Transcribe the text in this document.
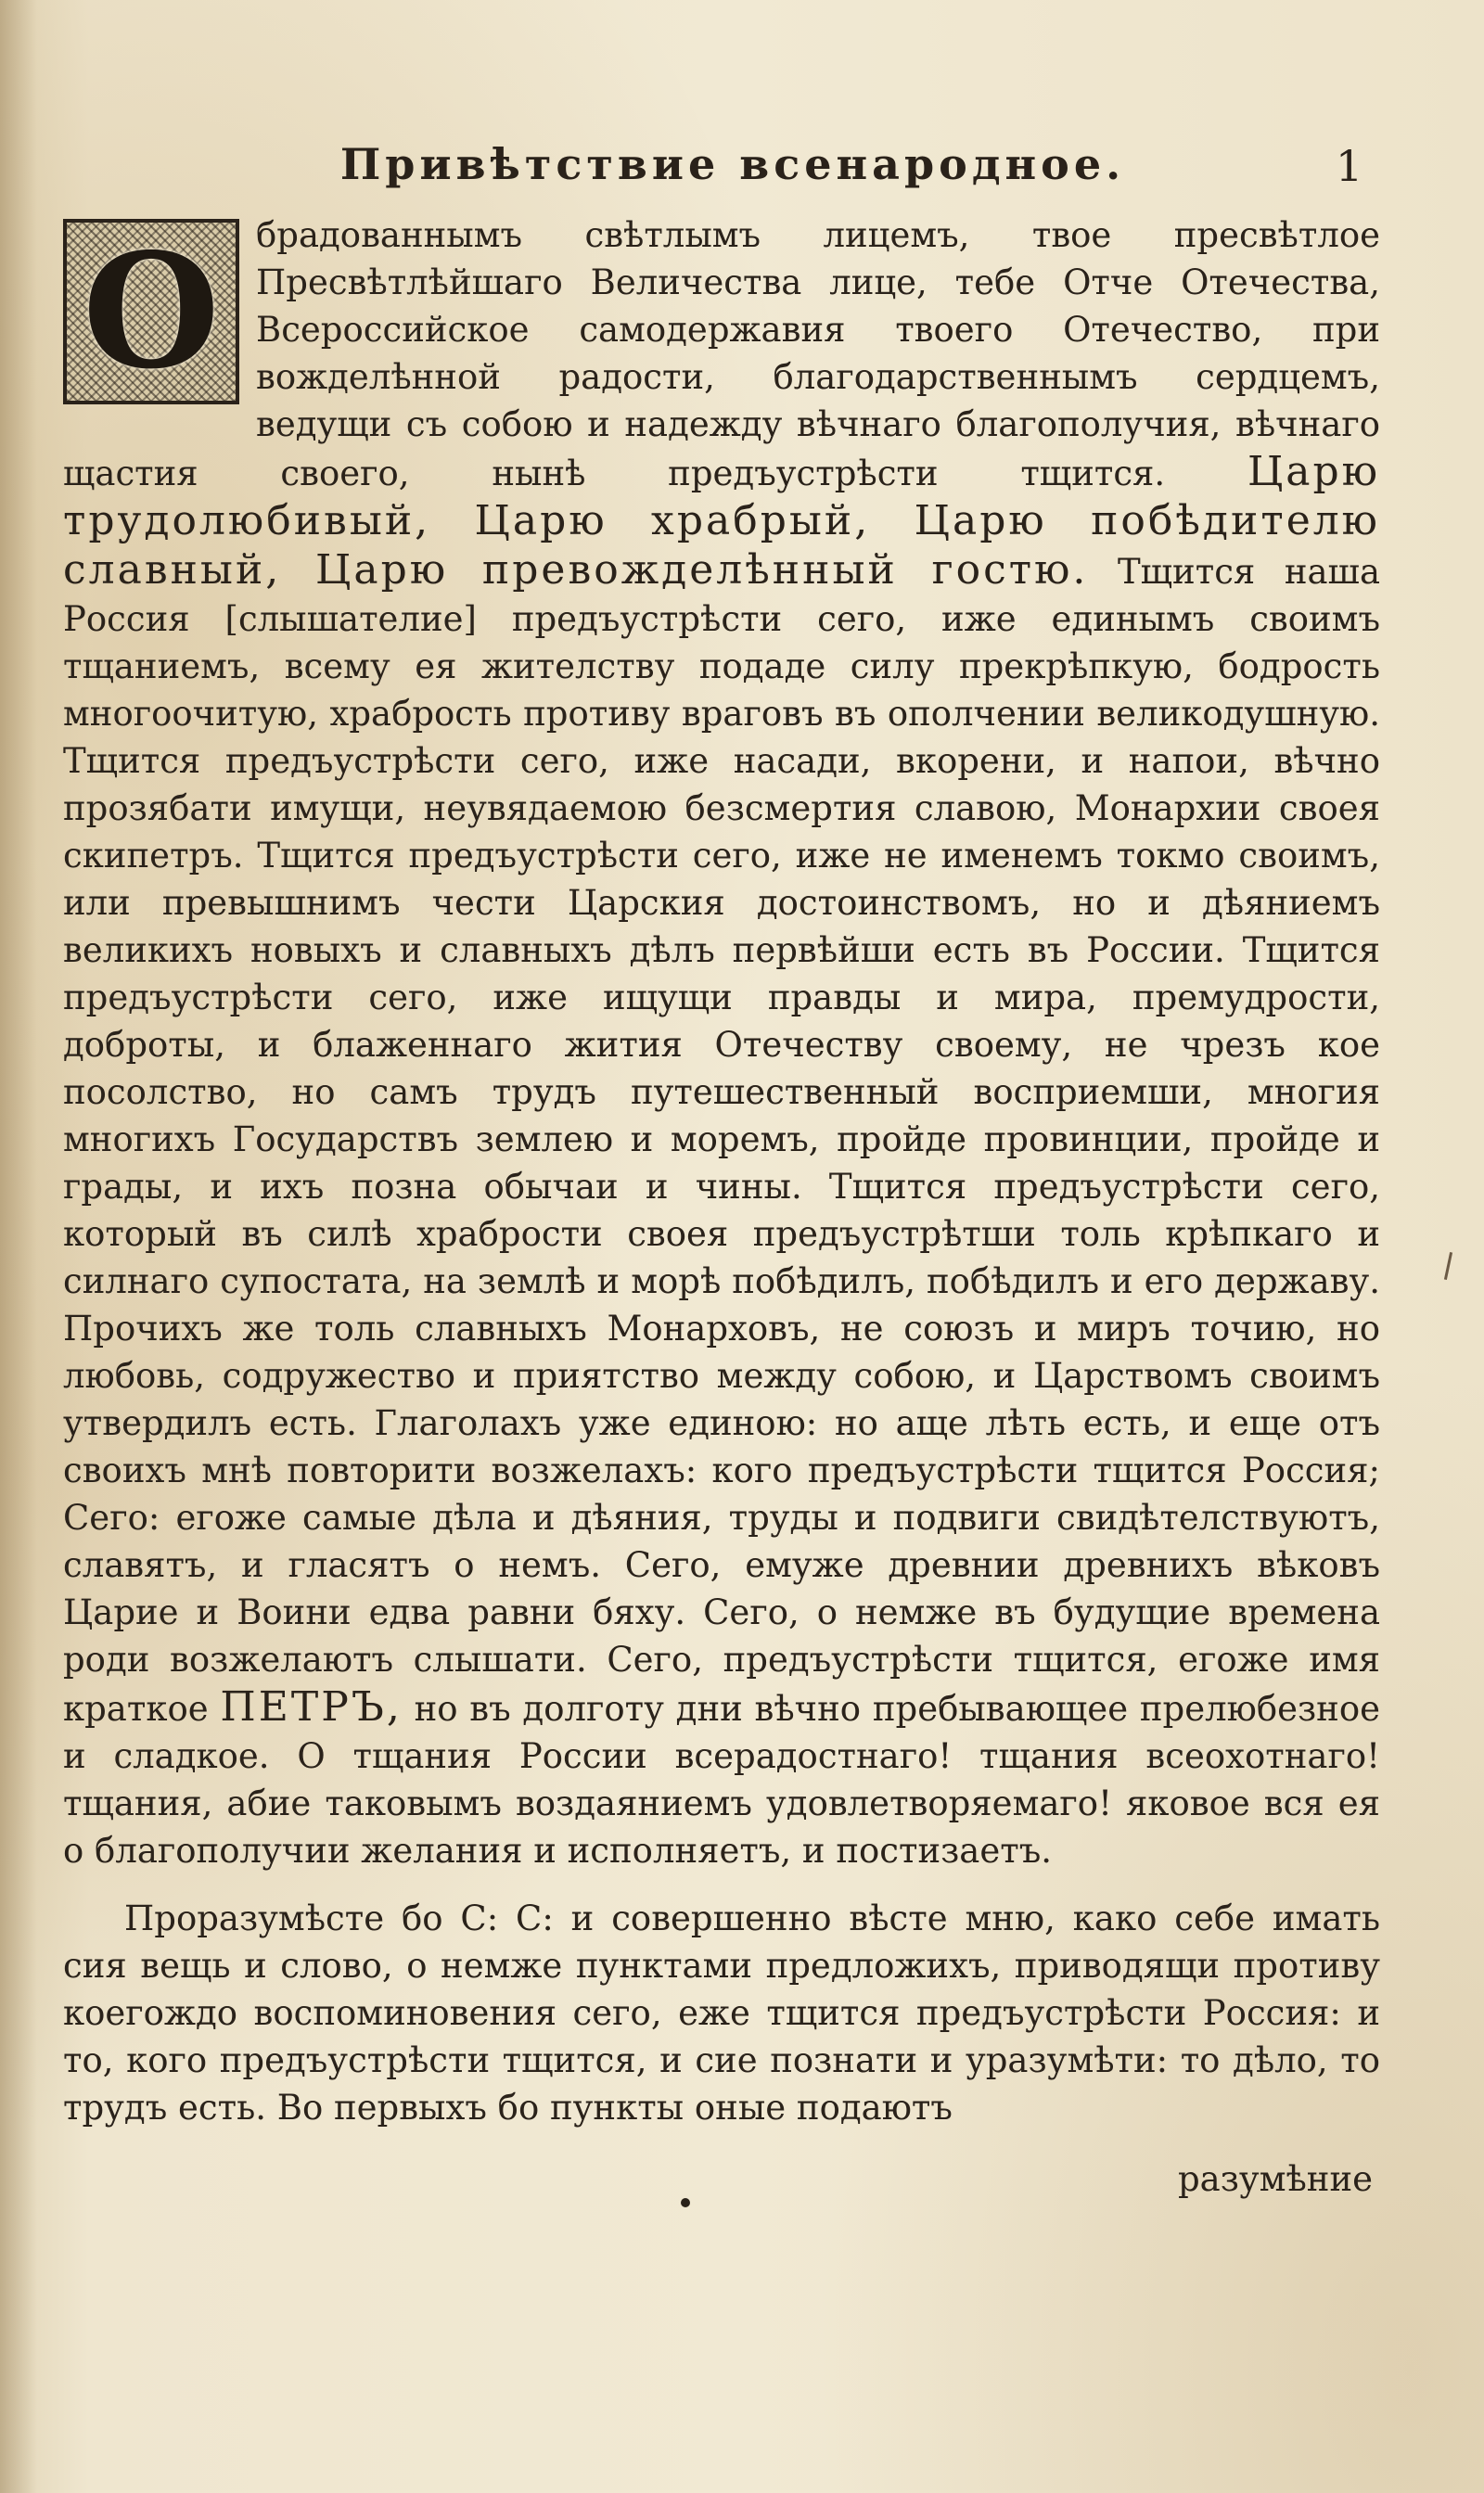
Привѣтствие всенародное.	1

О	брадованнымъ свѣтлымъ лицемъ, твое пресвѣтлое Пресвѣтлѣйшаго Величества лице, тебе Отче Отечества, Всероссийское самодержавия твоего Отечество, при вожделѣнной радости, благодарственнымъ сердцемъ, ведущи съ собою и надежду вѣчнаго благополучия, вѣчнаго щастия своего, нынѣ предъустрѣсти тщится. Царю трудолюбивый, Царю храбрый, Царю побѣдителю славный, Царю превожделѣнный гостю. Тщится наша Россия [слышателие] предъустрѣсти сего, иже единымъ своимъ тщаниемъ, всему ея жителству подаде силу прекрѣпкую, бодрость многоочитую, храбрость противу враговъ въ ополчении великодушную. Тщится предъустрѣсти сего, иже насади, вкорени, и напои, вѣчно прозябати имущи, неувядаемою безсмертия славою, Монархии своея скипетръ. Тщится предъустрѣсти сего, иже не именемъ токмо своимъ, или превышнимъ чести Царския достоинствомъ, но и дѣяниемъ великихъ новыхъ и славныхъ дѣлъ первѣйши есть въ России. Тщится предъустрѣсти сего, иже ищущи правды и мира, премудрости, доброты, и блаженнаго жития Отечеству своему, не чрезъ кое посолство, но самъ трудъ путешественный восприемши, многия многихъ Государствъ землею и моремъ, пройде провинции, пройде и грады, и ихъ позна обычаи и чины. Тщится предъустрѣсти сего, который въ силѣ храбрости своея предъустрѣтши толь крѣпкаго и силнаго супостата, на землѣ и морѣ побѣдилъ, побѣдилъ и его державу. Прочихъ же толь славныхъ Монарховъ, не союзъ и миръ точию, но любовь, содружество и приятство между собою, и Царствомъ своимъ утвердилъ есть. Глаголахъ уже единою: но аще лѣть есть, и еще отъ своихъ мнѣ повторити возжелахъ: кого предъустрѣсти тщится Россия; Сего: егоже самые дѣла и дѣяния, труды и подвиги свидѣтелствуютъ, славятъ, и гласятъ о немъ. Сего, емуже древнии древнихъ вѣковъ Царие и Воини едва равни бяху. Сего, о немже въ будущие времена роди возжелаютъ слышати. Сего, предъустрѣсти тщится, егоже имя краткое ПЕТРЪ, но въ долготу дни вѣчно пребывающее прелюбезное и сладкое. О тщания России всерадостнаго! тщания всеохотнаго! тщания, абие таковымъ воздаяниемъ удовлетворяемаго! яковое вся ея о благополучии желания и исполняетъ, и постизаетъ.

Проразумѣсте бо С: С: и совершенно вѣсте мню, како себе имать сия вещь и слово, о немже пунктами предложихъ, приводящи противу коегождо воспоминовения сего, еже тщится предъустрѣсти Россия: и то, кого предъустрѣсти тщится, и сие познати и уразумѣти: то дѣло, то трудъ есть. Во первыхъ бо пункты оные подаютъ

разумѣние
